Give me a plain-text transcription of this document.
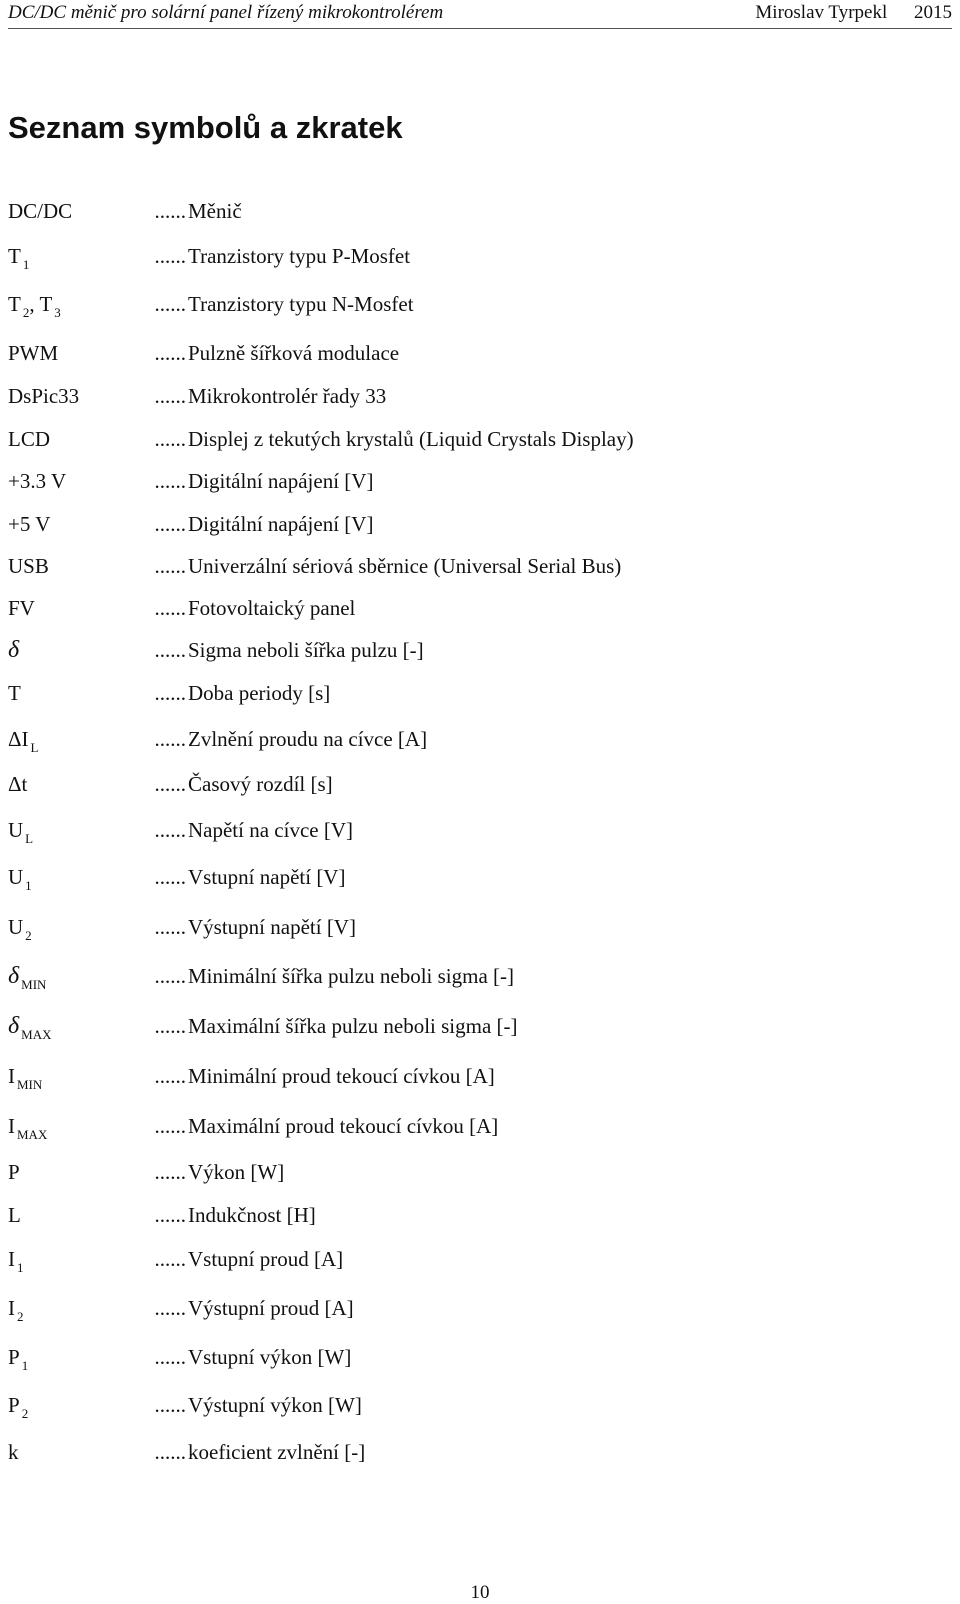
DC/DC měnič pro solární panel řízený mikrokontrolérem	Miroslav Tyrpekl 2015
Seznam symbolů a zkratek
DC/DC	...... Měnič
T $_1$	...... Tranzistory typu P-Mosfet
T $_2$, T $_3$	...... Tranzistory typu N-Mosfet
PWM	...... Pulzně šířková modulace
DsPic33	...... Mikrokontrolér řady 33
LCD	...... Displej z tekutých krystalů (Liquid Crystals Display)
+3.3 V	...... Digitální napájení [V]
+5 V	...... Digitální napájení [V]
USB	...... Univerzální sériová sběrnice (Universal Serial Bus)
FV	...... Fotovoltaický panel
δ	...... Sigma neboli šířka pulzu [-]
T	...... Doba periody [s]
ΔI $_L$	...... Zvlnění proudu na cívce [A]
Δt	...... Časový rozdíl [s]
U $_L$	...... Napětí na cívce [V]
U $_1$	...... Vstupní napětí [V]
U $_2$	...... Výstupní napětí [V]
δ $_{MIN}$	...... Minimální šířka pulzu neboli sigma [-]
δ $_{MAX}$	...... Maximální šířka pulzu neboli sigma [-]
I $_{MIN}$	...... Minimální proud tekoucí cívkou [A]
I $_{MAX}$	...... Maximální proud tekoucí cívkou [A]
P	...... Výkon [W]
L	...... Indukčnost [H]
I $_1$	...... Vstupní proud [A]
I $_2$	...... Výstupní proud [A]
P $_1$	...... Vstupní výkon [W]
P $_2$	...... Výstupní výkon [W]
k	...... koeficient zvlnění [-]
10
